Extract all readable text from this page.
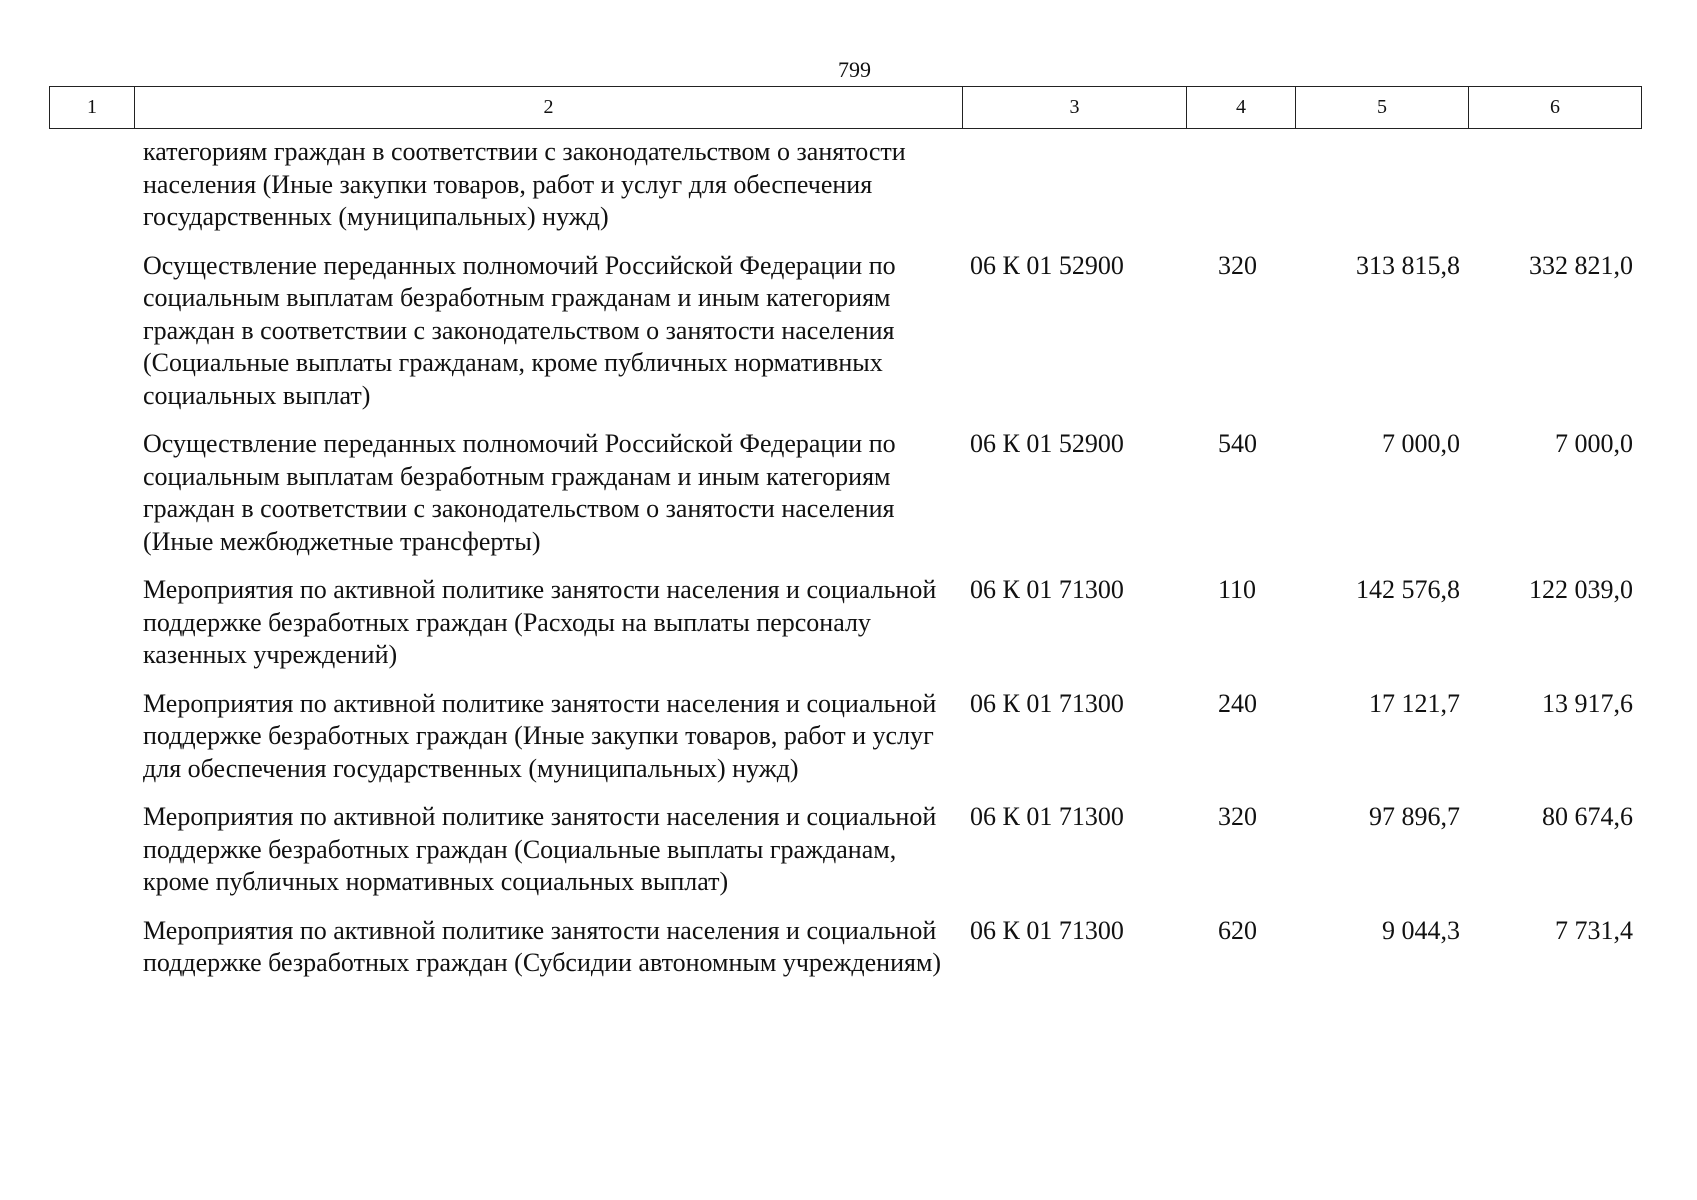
799
1	2	3	4	5	6
категориям граждан в соответствии с законодательством о занятости населения (Иные закупки товаров, работ и услуг для обеспечения государственных (муниципальных) нужд)				
Осуществление переданных полномочий Российской Федерации по социальным выплатам безработным гражданам и иным категориям граждан в соответствии с законодательством о занятости населения (Социальные выплаты гражданам, кроме публичных нормативных социальных выплат)	06 К 01 52900	320	313 815,8	332 821,0
Осуществление переданных полномочий Российской Федерации по социальным выплатам безработным гражданам и иным категориям граждан в соответствии с законодательством о занятости населения (Иные межбюджетные трансферты)	06 К 01 52900	540	7 000,0	7 000,0
Мероприятия по активной политике занятости населения и социальной поддержке безработных граждан (Расходы на выплаты персоналу казенных учреждений)	06 К 01 71300	110	142 576,8	122 039,0
Мероприятия по активной политике занятости населения и социальной поддержке безработных граждан (Иные закупки товаров, работ и услуг для обеспечения государственных (муниципальных) нужд)	06 К 01 71300	240	17 121,7	13 917,6
Мероприятия по активной политике занятости населения и социальной поддержке безработных граждан (Социальные выплаты гражданам, кроме публичных нормативных социальных выплат)	06 К 01 71300	320	97 896,7	80 674,6
Мероприятия по активной политике занятости населения и социальной поддержке безработных граждан (Субсидии автономным учреждениям)	06 К 01 71300	620	9 044,3	7 731,4
